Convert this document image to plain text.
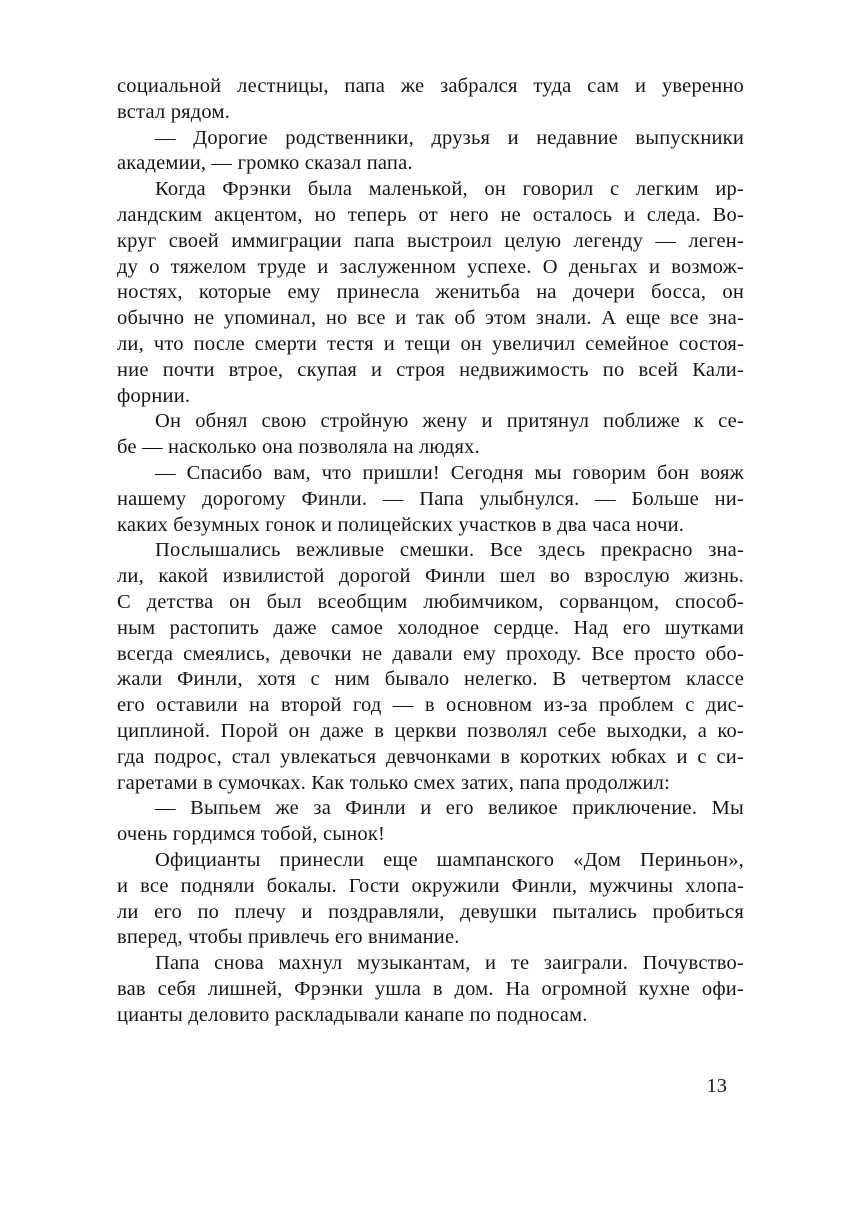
социальной лестницы, папа же забрался туда сам и уверенно
встал рядом.
— Дорогие родственники, друзья и недавние выпускники
академии, — громко сказал папа.
Когда Фрэнки была маленькой, он говорил с легким ир-
ландским акцентом, но теперь от него не осталось и следа. Во-
круг своей иммиграции папа выстроил целую легенду — леген-
ду о тяжелом труде и заслуженном успехе. О деньгах и возмож-
ностях, которые ему принесла женитьба на дочери босса, он
обычно не упоминал, но все и так об этом знали. А еще все зна-
ли, что после смерти тестя и тещи он увеличил семейное состоя-
ние почти втрое, скупая и строя недвижимость по всей Кали-
форнии.
Он обнял свою стройную жену и притянул поближе к се-
бе — насколько она позволяла на людях.
— Спасибо вам, что пришли! Сегодня мы говорим бон вояж
нашему дорогому Финли. — Папа улыбнулся. — Больше ни-
каких безумных гонок и полицейских участков в два часа ночи.
Послышались вежливые смешки. Все здесь прекрасно зна-
ли, какой извилистой дорогой Финли шел во взрослую жизнь.
С детства он был всеобщим любимчиком, сорванцом, способ-
ным растопить даже самое холодное сердце. Над его шутками
всегда смеялись, девочки не давали ему проходу. Все просто обо-
жали Финли, хотя с ним бывало нелегко. В четвертом классе
его оставили на второй год — в основном из-за проблем с дис-
циплиной. Порой он даже в церкви позволял себе выходки, а ко-
гда подрос, стал увлекаться девчонками в коротких юбках и с си-
гаретами в сумочках. Как только смех затих, папа продолжил:
— Выпьем же за Финли и его великое приключение. Мы
очень гордимся тобой, сынок!
Официанты принесли еще шампанского «Дом Периньон»,
и все подняли бокалы. Гости окружили Финли, мужчины хлопа-
ли его по плечу и поздравляли, девушки пытались пробиться
вперед, чтобы привлечь его внимание.
Папа снова махнул музыкантам, и те заиграли. Почувство-
вав себя лишней, Фрэнки ушла в дом. На огромной кухне офи-
цианты деловито раскладывали канапе по подносам.
13
